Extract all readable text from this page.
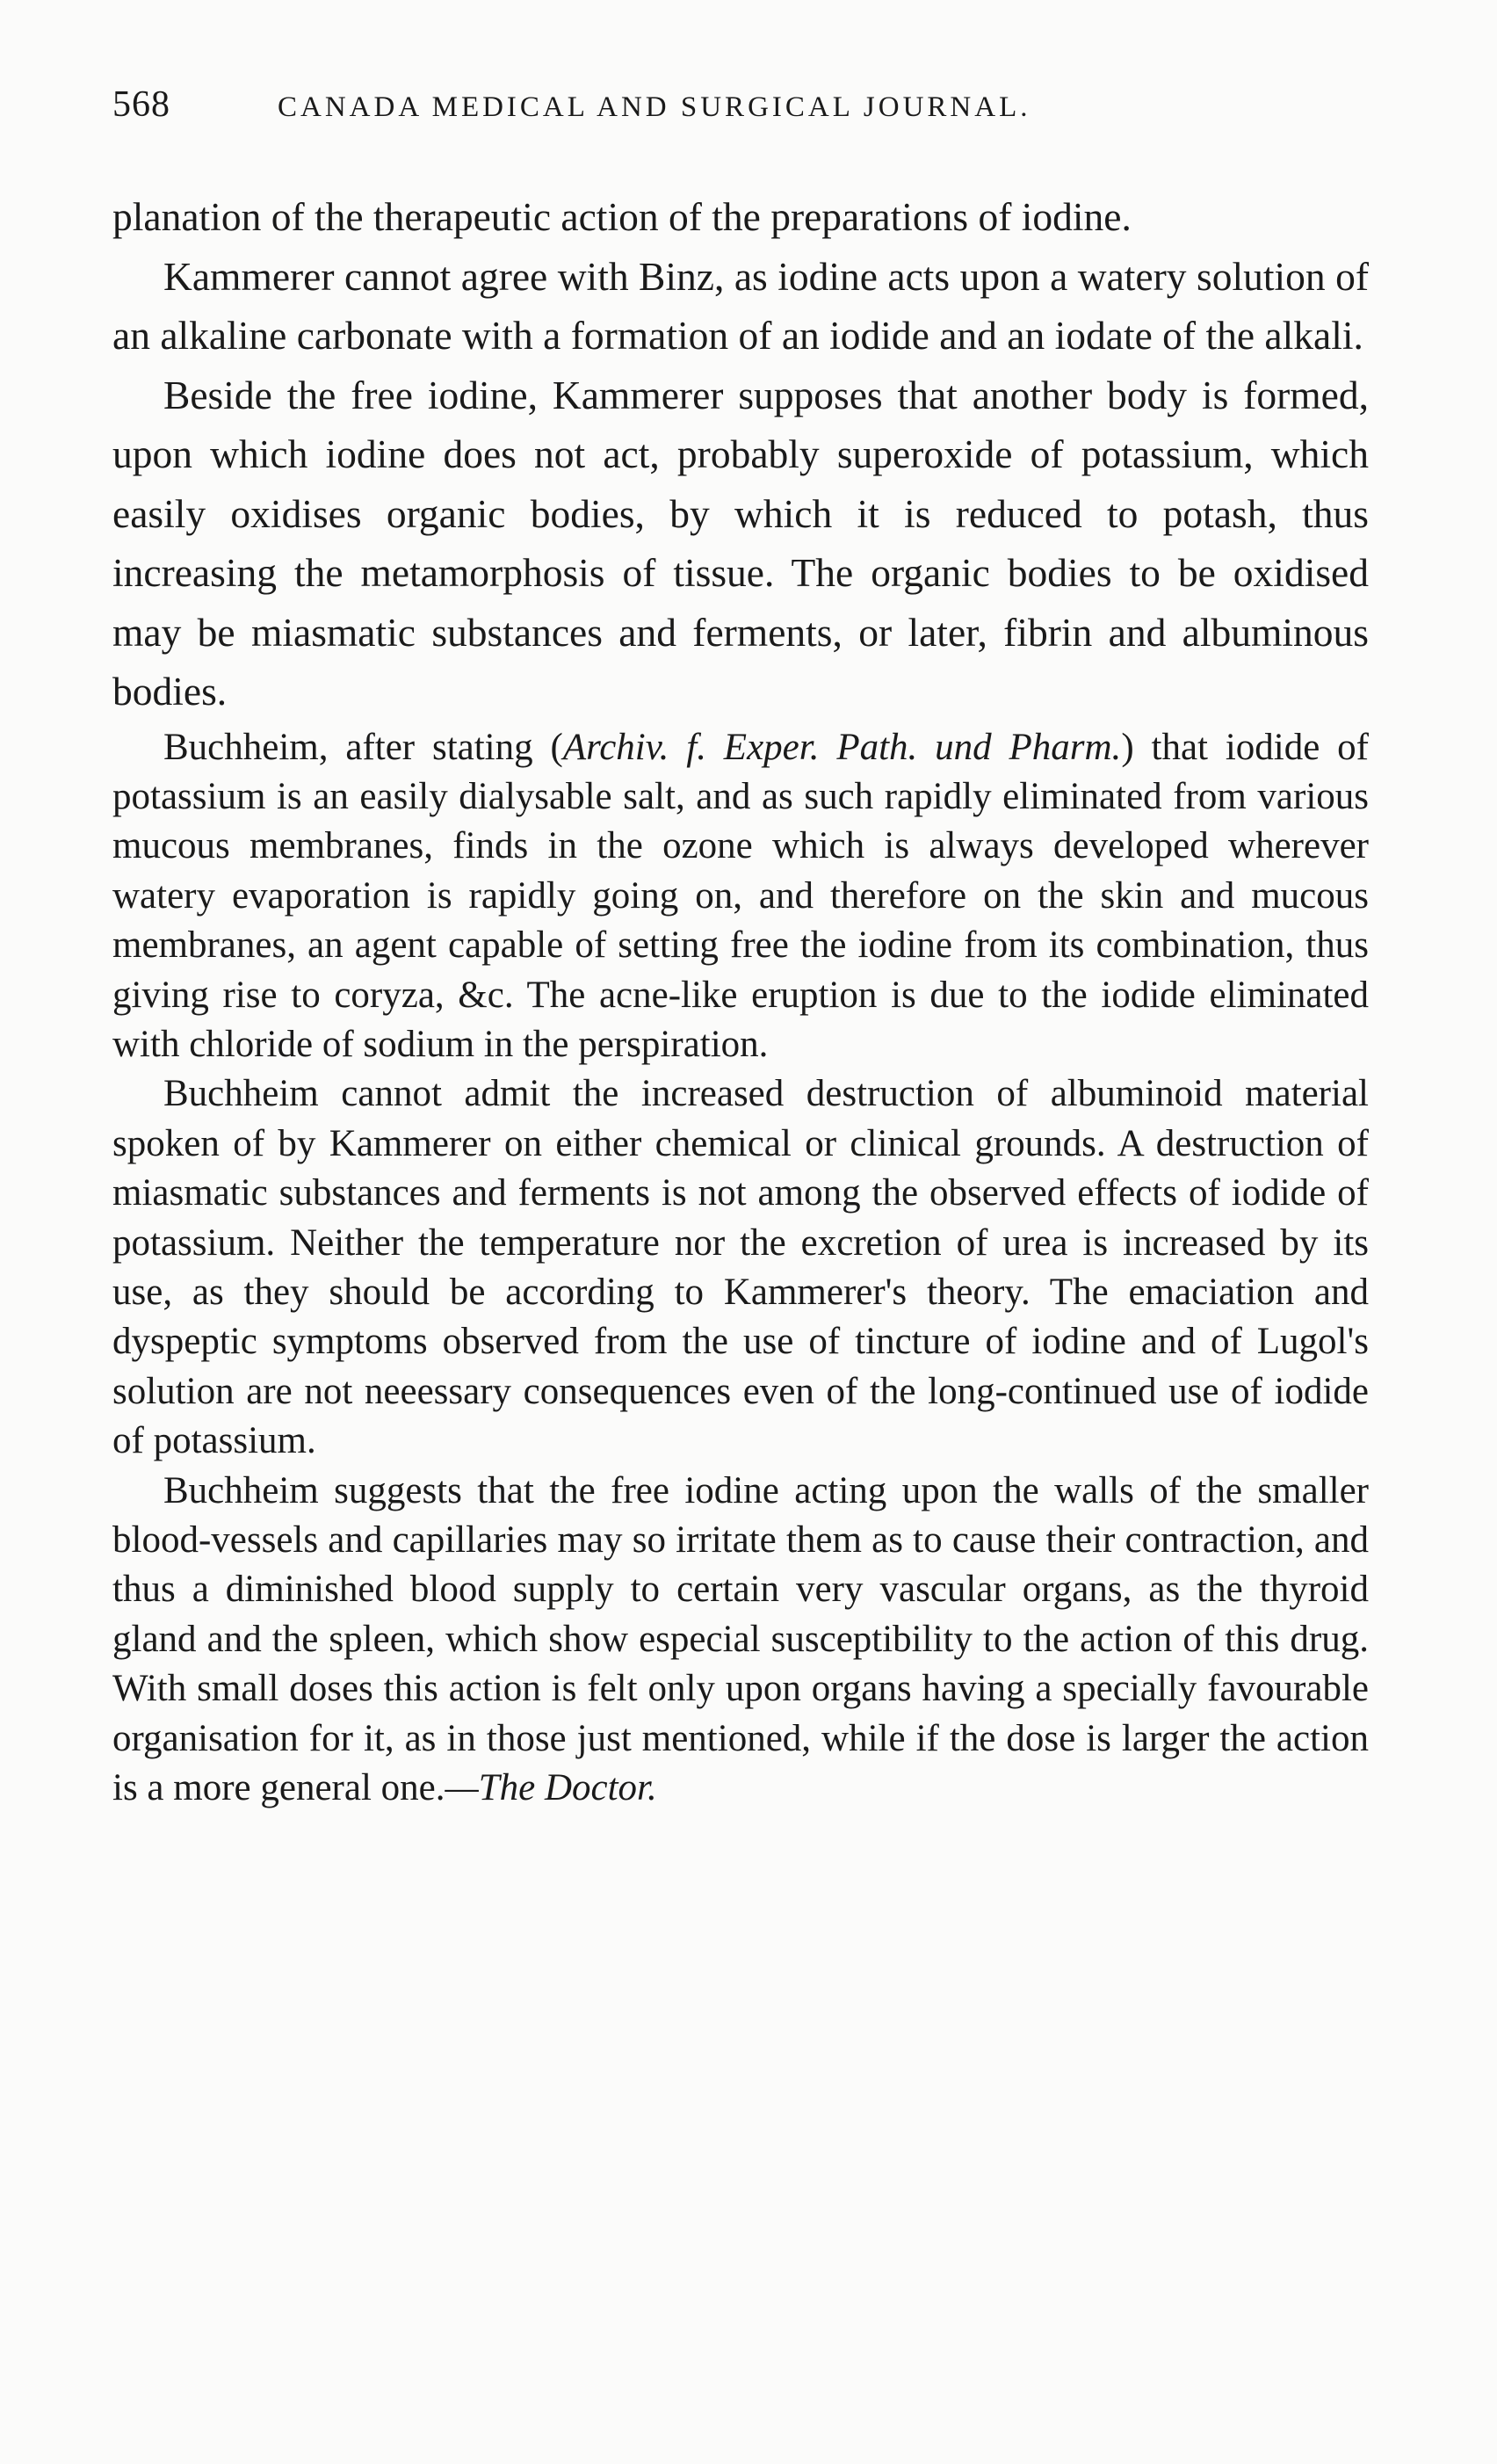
568	CANADA MEDICAL AND SURGICAL JOURNAL.

planation of the therapeutic action of the preparations of iodine.

Kammerer cannot agree with Binz, as iodine acts upon a watery solution of an alkaline carbonate with a formation of an iodide and an iodate of the alkali.

Beside the free iodine, Kammerer supposes that another body is formed, upon which iodine does not act, probably superoxide of potassium, which easily oxidises organic bodies, by which it is reduced to potash, thus increasing the metamorphosis of tissue. The organic bodies to be oxidised may be miasmatic substances and ferments, or later, fibrin and albuminous bodies.

Buchheim, after stating (Archiv. f. Exper. Path. und Pharm.) that iodide of potassium is an easily dialysable salt, and as such rapidly eliminated from various mucous membranes, finds in the ozone which is always developed wherever watery evaporation is rapidly going on, and therefore on the skin and mucous membranes, an agent capable of setting free the iodine from its combination, thus giving rise to coryza, &c. The acne-like eruption is due to the iodide eliminated with chloride of sodium in the perspiration.

Buchheim cannot admit the increased destruction of albuminoid material spoken of by Kammerer on either chemical or clinical grounds. A destruction of miasmatic substances and ferments is not among the observed effects of iodide of potassium. Neither the temperature nor the excretion of urea is increased by its use, as they should be according to Kammerer's theory. The emaciation and dyspeptic symptoms observed from the use of tincture of iodine and of Lugol's solution are not neeessary consequences even of the long-continued use of iodide of potassium.

Buchheim suggests that the free iodine acting upon the walls of the smaller blood-vessels and capillaries may so irritate them as to cause their contraction, and thus a diminished blood supply to certain very vascular organs, as the thyroid gland and the spleen, which show especial susceptibility to the action of this drug. With small doses this action is felt only upon organs having a specially favourable organisation for it, as in those just mentioned, while if the dose is larger the action is a more general one.—The Doctor.
